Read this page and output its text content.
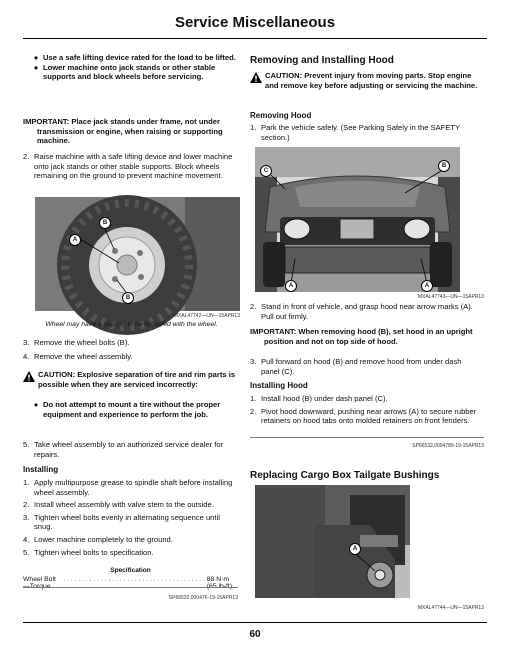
Service Miscellaneous
● Use a safe lifting device rated for the load to be lifted.
● Lower machine onto jack stands or other stable supports and block wheels before servicing.
IMPORTANT: Place jack stands under frame, not under transmission or engine, when raising or supporting machine.
2. Raise machine with a safe lifting device and lower machine onto jack stands or other stable supports. Block wheels remaining on the ground to prevent machine movement.
B
A
B
MXAL47742—UN—15APR13
Wheel may have a cap (A) to be removed with the wheel.
3. Remove the wheel bolts (B).
4. Remove the wheel assembly.
CAUTION: Explosive separation of tire and rim parts is possible when they are serviced incorrectly:
● Do not attempt to mount a tire without the proper equipment and experience to perform the job.
5. Take wheel assembly to an authorized service dealer for repairs.
Installing
1. Apply multipurpose grease to spindle shaft before installing wheel assembly.
2. Install wheel assembly with valve stem to the outside.
3. Tighten wheel bolts evenly in alternating sequence until snug.
4. Lower machine completely to the ground.
5. Tighten wheel bolts to specification.
Specification
Wheel Bolt	. . . . . . . . . . . . . . . . . . . . . . . . . . . . . . . . . . . . . . 88 N·m
SP66532,00047F-19-15APR13
Removing and Installing Hood
CAUTION: Prevent injury from moving parts. Stop engine and remove key before adjusting or servicing the machine.
Removing Hood
1. Park the vehicle safely. (See Parking Safely in the SAFETY section.)
C
B
A	A
MXAL47743—UN—15APR13
2. Stand in front of vehicle, and grasp hood near arrow marks (A). Pull out firmly.
IMPORTANT: When removing hood (B), set hood in an upright position and not on top side of hood.
3. Pull forward on hood (B) and remove hood from under dash panel (C).
Installing Hood
1. Install hood (B) under dash panel (C).
2. Pivot hood downward, pushing near arrows (A) to secure rubber retainers on hood tabs onto molded retainers on front fenders.
SP66532,0004789-19-15APR13
Replacing Cargo Box Tailgate Bushings
A
MXAL47744—UN—15APR13
60
